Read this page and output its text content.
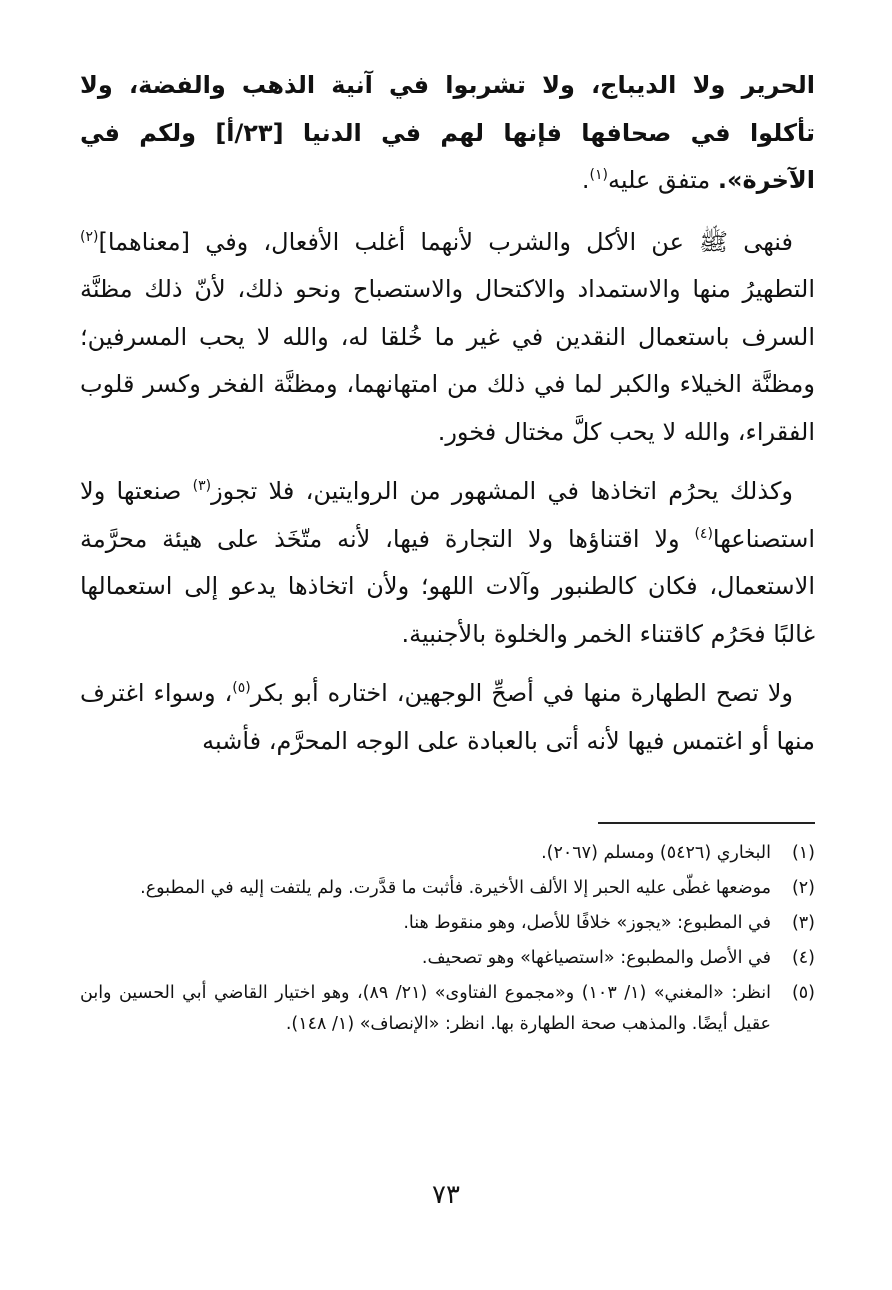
الحرير ولا الديباج، ولا تشربوا في آنية الذهب والفضة، ولا تأكلوا في صحافها فإنها لهم في الدنيا [٢٣/أ] ولكم في الآخرة». متفق عليه$^{(١)}$.

فنهى ﷺ عن الأكل والشرب لأنهما أغلب الأفعال، وفي [معناهما]$^{(٢)}$ التطهيرُ منها والاستمداد والاكتحال والاستصباح ونحو ذلك، لأنّ ذلك مظنَّة السرف باستعمال النقدين في غير ما خُلقا له، والله لا يحب المسرفين؛ ومظنَّة الخيلاء والكبر لما في ذلك من امتهانهما، ومظنَّة الفخر وكسر قلوب الفقراء، والله لا يحب كلَّ مختال فخور.

وكذلك يحرُم اتخاذها في المشهور من الروايتين، فلا تجوز$^{(٣)}$ صنعتها ولا استصناعها$^{(٤)}$ ولا اقتناؤها ولا التجارة فيها، لأنه متّخَذ على هيئة محرَّمة الاستعمال، فكان كالطنبور وآلات اللهو؛ ولأن اتخاذها يدعو إلى استعمالها غالبًا فحَرُم كاقتناء الخمر والخلوة بالأجنبية.

ولا تصح الطهارة منها في أصحِّ الوجهين، اختاره أبو بكر$^{(٥)}$، وسواء اغترف منها أو اغتمس فيها لأنه أتى بالعبادة على الوجه المحرَّم، فأشبه

(١)
البخاري (٥٤٢٦) ومسلم (٢٠٦٧).
(٢)
موضعها غطّى عليه الحبر إلا الألف الأخيرة. فأثبت ما قدَّرت. ولم يلتفت إليه في المطبوع.
(٣)
في المطبوع: «يجوز» خلافًا للأصل، وهو منقوط هنا.
(٤)
في الأصل والمطبوع: «استصياغها» وهو تصحيف.
(٥)
انظر: «المغني» (١/ ١٠٣) و«مجموع الفتاوى» (٢١/ ٨٩)، وهو اختيار القاضي أبي الحسين وابن عقيل أيضًا. والمذهب صحة الطهارة بها. انظر: «الإنصاف» (١/ ١٤٨).
٧٣
